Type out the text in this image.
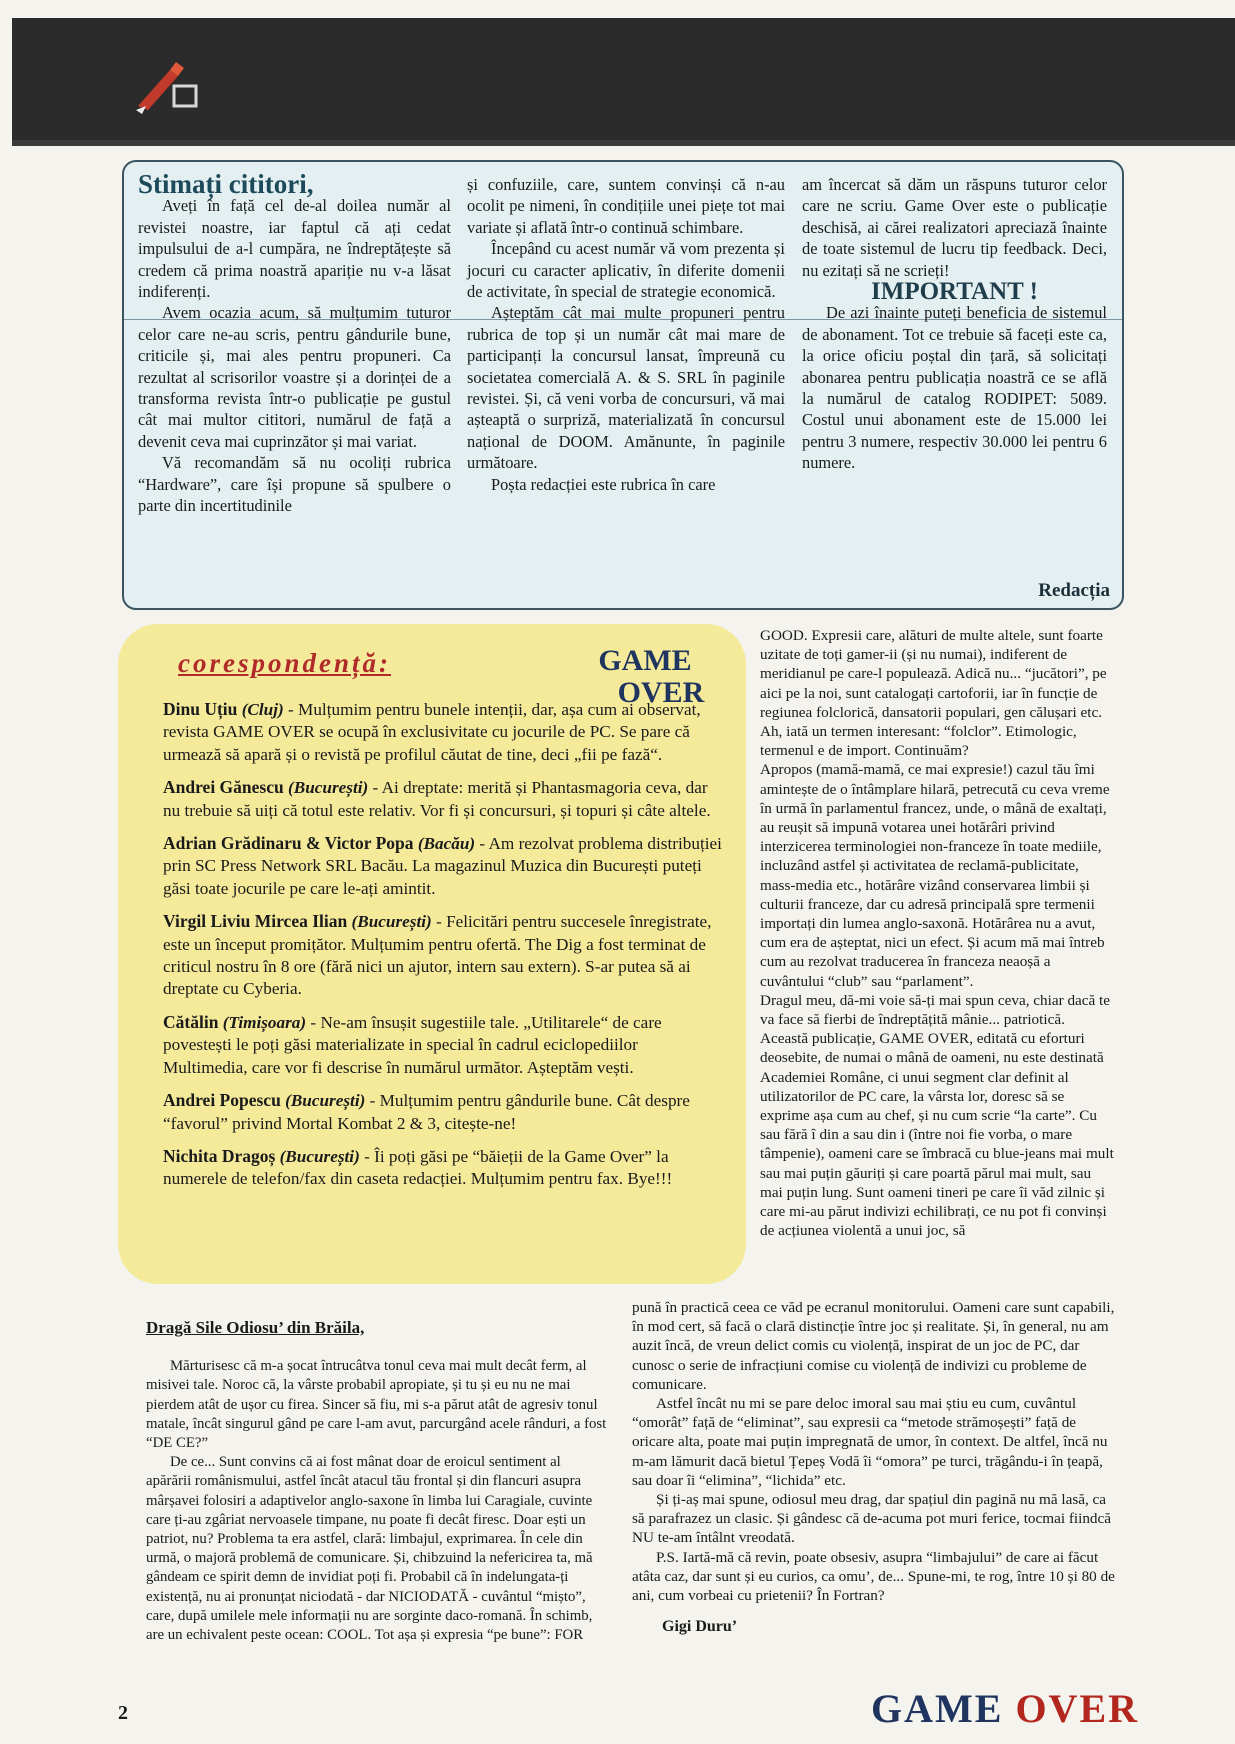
Stimați cititori,

Aveți în față cel de-al doilea număr al revistei noastre, iar faptul că ați cedat impulsului de a-l cumpăra, ne îndreptățește să credem că prima noastră apariție nu v-a lăsat indiferenți.

Avem ocazia acum, să mulțumim tuturor celor care ne-au scris, pentru gândurile bune, criticile și, mai ales pentru propuneri. Ca rezultat al scrisorilor voastre și a dorinței de a transforma revista într-o publicație pe gustul cât mai multor cititori, numărul de față a devenit ceva mai cuprinzător și mai variat.

Vă recomandăm să nu ocoliți rubrica “Hardware”, care își propune să spulbere o parte din incertitudinile

și confuziile, care, suntem convinși că n-au ocolit pe nimeni, în condițiile unei piețe tot mai variate și aflată într-o continuă schimbare.

Începând cu acest număr vă vom prezenta și jocuri cu caracter aplicativ, în diferite domenii de activitate, în special de strategie economică.

Așteptăm cât mai multe propuneri pentru rubrica de top și un număr cât mai mare de participanți la concursul lansat, împreună cu societatea comercială A. & S. SRL în paginile revistei. Și, că veni vorba de concursuri, vă mai așteaptă o surpriză, materializată în concursul național de DOOM. Amănunte, în paginile următoare.

Poșta redacției este rubrica în care

am încercat să dăm un răspuns tuturor celor care ne scriu. Game Over este o publicație deschisă, ai cărei realizatori apreciază înainte de toate sistemul de lucru tip feedback. Deci, nu ezitați să ne scrieți!

IMPORTANT !

De azi înainte puteți beneficia de sistemul de abonament. Tot ce trebuie să faceți este ca, la orice oficiu poștal din țară, să solicitați abonarea pentru publicația noastră ce se află la numărul de catalog RODIPET: 5089. Costul unui abonament este de 15.000 lei pentru 3 numere, respectiv 30.000 lei pentru 6 numere.

Redacția
corespondență:	GAME
OVER

Dinu Uțiu (Cluj) - Mulțumim pentru bunele intenții, dar, așa cum ai observat, revista GAME OVER se ocupă în exclusivitate cu jocurile de PC. Se pare că urmează să apară și o revistă pe profilul căutat de tine, deci „fii pe fază“.

Andrei Gănescu (București) - Ai dreptate: merită și Phantasmagoria ceva, dar nu trebuie să uiți că totul este relativ. Vor fi și concursuri, și topuri și câte altele.

Adrian Grădinaru & Victor Popa (Bacău) - Am rezolvat problema distribuției prin SC Press Network SRL Bacău. La magazinul Muzica din București puteți găsi toate jocurile pe care le-ați amintit.

Virgil Liviu Mircea Ilian (București) - Felicitări pentru succesele înregistrate, este un început promițător. Mulțumim pentru ofertă. The Dig a fost terminat de criticul nostru în 8 ore (fără nici un ajutor, intern sau extern). S-ar putea să ai dreptate cu Cyberia.

Cătălin (Timișoara) - Ne-am însușit sugestiile tale. „Utilitarele“ de care povestești le poți găsi materializate in special în cadrul eciclopediilor Multimedia, care vor fi descrise în numărul următor. Așteptăm vești.

Andrei Popescu (București) - Mulțumim pentru gândurile bune. Cât despre “favorul” privind Mortal Kombat 2 & 3, citește-ne!

Nichita Dragoș (București) - Îi poți găsi pe “băieții de la Game Over” la numerele de telefon/fax din caseta redacției. Mulțumim pentru fax. Bye!!!

GOOD. Expresii care, alături de multe altele, sunt foarte uzitate de toți gamer-ii (și nu numai), indiferent de meridianul pe care-l populează. Adică nu... “jucători”, pe aici pe la noi, sunt catalogați cartoforii, iar în funcție de regiunea folclorică, dansatorii populari, gen călușari etc. Ah, iată un termen interesant: “folclor”. Etimologic, termenul e de import. Continuăm?

Apropos (mamă-mamă, ce mai expresie!) cazul tău îmi amintește de o întâmplare hilară, petrecută cu ceva vreme în urmă în parlamentul francez, unde, o mână de exaltați, au reușit să impună votarea unei hotărâri privind interzicerea terminologiei non-franceze în toate mediile, incluzând astfel și activitatea de reclamă-publicitate, mass-media etc., hotărâre vizând conservarea limbii și culturii franceze, dar cu adresă principală spre termenii importați din lumea anglo-saxonă. Hotărârea nu a avut, cum era de așteptat, nici un efect. Și acum mă mai întreb cum au rezolvat traducerea în franceza neaoșă a cuvântului “club” sau “parlament”.

Dragul meu, dă-mi voie să-ți mai spun ceva, chiar dacă te va face să fierbi de îndreptățită mânie... patriotică. Această publicație, GAME OVER, editată cu eforturi deosebite, de numai o mână de oameni, nu este destinată Academiei Române, ci unui segment clar definit al utilizatorilor de PC care, la vârsta lor, doresc să se exprime așa cum au chef, și nu cum scrie “la carte”. Cu sau fără î din a sau din i (între noi fie vorba, o mare tâmpenie), oameni care se îmbracă cu blue-jeans mai mult sau mai puțin găuriți și care poartă părul mai mult, sau mai puțin lung. Sunt oameni tineri pe care îi văd zilnic și care mi-au părut indivizi echilibrați, ce nu pot fi convinși de acțiunea violentă a unui joc, să

Dragă Sile Odiosu’ din Brăila,

Mărturisesc că m-a șocat întrucâtva tonul ceva mai mult decât ferm, al misivei tale. Noroc că, la vârste probabil apropiate, și tu și eu nu ne mai pierdem atât de ușor cu firea. Sincer să fiu, mi s-a părut atât de agresiv tonul matale, încât singurul gând pe care l-am avut, parcurgând acele rânduri, a fost “DE CE?”

De ce... Sunt convins că ai fost mânat doar de eroicul sentiment al apărării românismului, astfel încât atacul tău frontal și din flancuri asupra mârșavei folosiri a adaptivelor anglo-saxone în limba lui Caragiale, cuvinte care ți-au zgâriat nervoasele timpane, nu poate fi decât firesc. Doar ești un patriot, nu? Problema ta era astfel, clară: limbajul, exprimarea. În cele din urmă, o majoră problemă de comunicare. Și, chibzuind la nefericirea ta, mă gândeam ce spirit demn de invidiat poți fi. Probabil că în indelungata-ți existență, nu ai pronunțat niciodată - dar NICIODATĂ - cuvântul “mișto”, care, după umilele mele informații nu are sorginte daco-romană. În schimb, are un echivalent peste ocean: COOL. Tot așa și expresia “pe bune”: FOR

pună în practică ceea ce văd pe ecranul monitorului. Oameni care sunt capabili, în mod cert, să facă o clară distincție între joc și realitate. Și, în general, nu am auzit încă, de vreun delict comis cu violență, inspirat de un joc de PC, dar cunosc o serie de infracțiuni comise cu violență de indivizi cu probleme de comunicare.

Astfel încât nu mi se pare deloc imoral sau mai știu eu cum, cuvântul “omorât” față de “eliminat”, sau expresii ca “metode strămoșești” față de oricare alta, poate mai puțin impregnată de umor, în context. De altfel, încă nu m-am lămurit dacă bietul Țepeș Vodă îi “omora” pe turci, trăgându-i în țeapă, sau doar îi “elimina”, “lichida” etc.

Și ți-aș mai spune, odiosul meu drag, dar spațiul din pagină nu mă lasă, ca să parafrazez un clasic. Și gândesc că de-acuma pot muri ferice, tocmai fiindcă NU te-am întâlnt vreodată.

P.S. Iartă-mă că revin, poate obsesiv, asupra “limbajului” de care ai făcut atâta caz, dar sunt și eu curios, ca omu’, de... Spune-mi, te rog, între 10 și 80 de ani, cum vorbeai cu prietenii? În Fortran?

Gigi Duru’

2	GAME OVER
